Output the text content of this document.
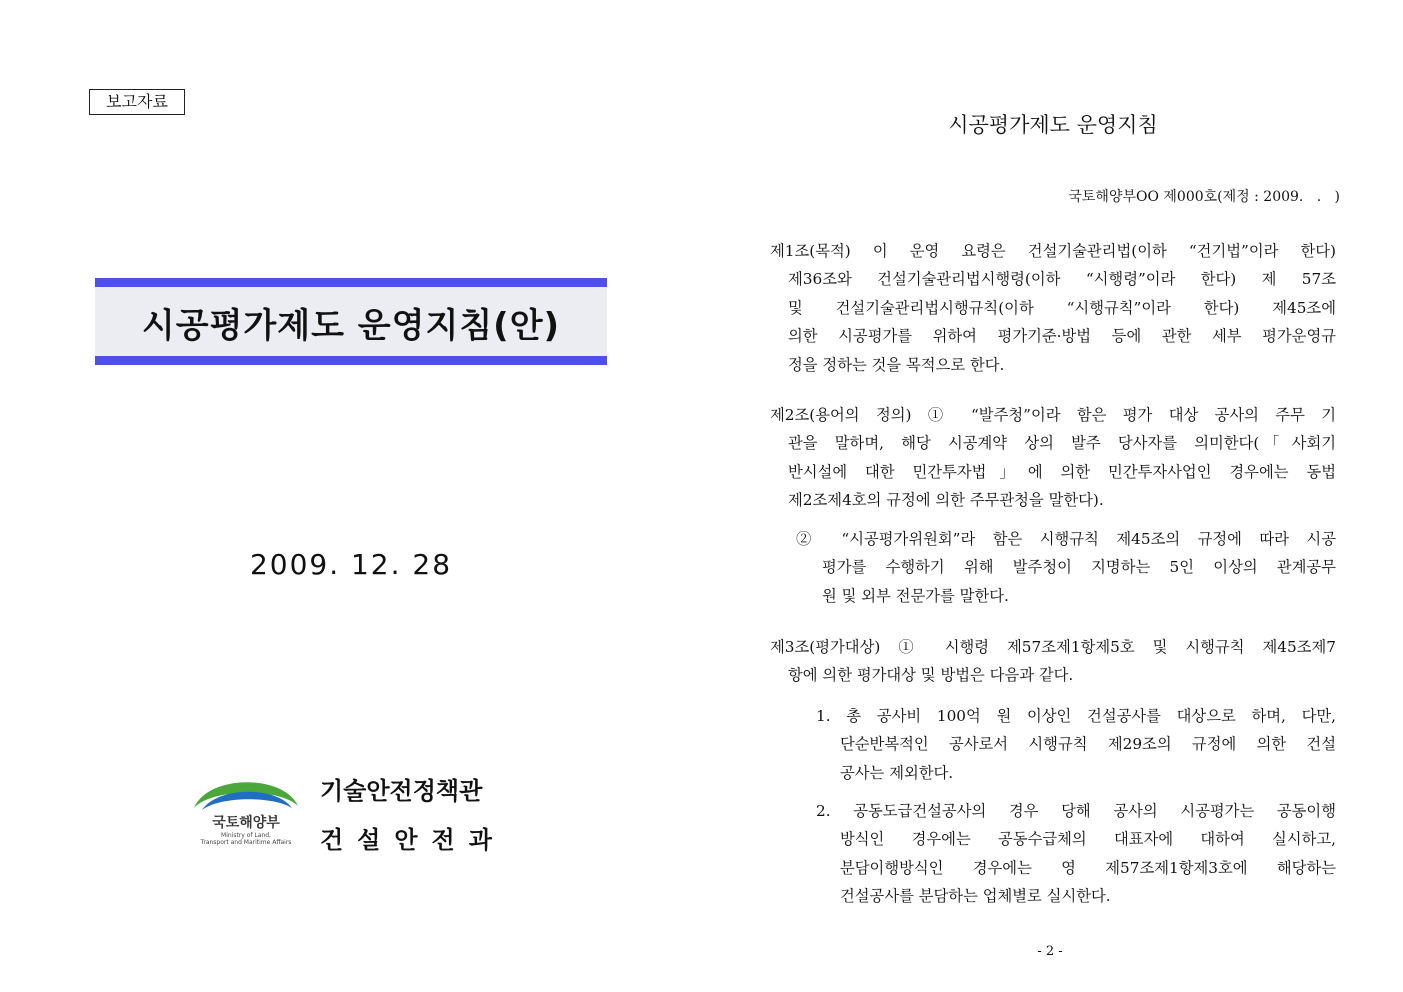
보고자료
시공평가제도 운영지침(안)
2009. 12. 28
국토해양부
Ministry of Land,
Transport and Maritime Affairs
기술안전정책관
건설안전과
시공평가제도 운영지침
국토해양부OO 제000호(제정 : 2009.   .   )
제1조(목적) 이 운영 요령은 건설기술관리법(이하 “건기법”이라 한다)
제36조와 건설기술관리법시행령(이하 “시행령”이라 한다) 제 57조
및 건설기술관리법시행규칙(이하 “시행규칙”이라 한다) 제45조에
의한 시공평가를 위하여 평가기준·방법 등에 관한 세부 평가운영규
정을 정하는 것을 목적으로 한다.
제2조(용어의 정의) ① “발주청”이라 함은 평가 대상 공사의 주무 기
관을 말하며, 해당 시공계약 상의 발주 당사자를 의미한다(「사회기
반시설에 대한 민간투자법」에 의한 민간투자사업인 경우에는 동법
제2조제4호의 규정에 의한 주무관청을 말한다).
② “시공평가위원회”라 함은 시행규칙 제45조의 규정에 따라 시공
평가를 수행하기 위해 발주청이 지명하는 5인 이상의 관계공무
원 및 외부 전문가를 말한다.
제3조(평가대상) ① 시행령 제57조제1항제5호 및 시행규칙 제45조제7
항에 의한 평가대상 및 방법은 다음과 같다.
1. 총 공사비 100억 원 이상인 건설공사를 대상으로 하며, 다만,
단순반복적인 공사로서 시행규칙 제29조의 규정에 의한 건설
공사는 제외한다.
2. 공동도급건설공사의 경우 당해 공사의 시공평가는 공동이행
방식인 경우에는 공동수급체의 대표자에 대하여 실시하고,
분담이행방식인 경우에는 영 제57조제1항제3호에 해당하는
건설공사를 분담하는 업체별로 실시한다.
- 2 -
